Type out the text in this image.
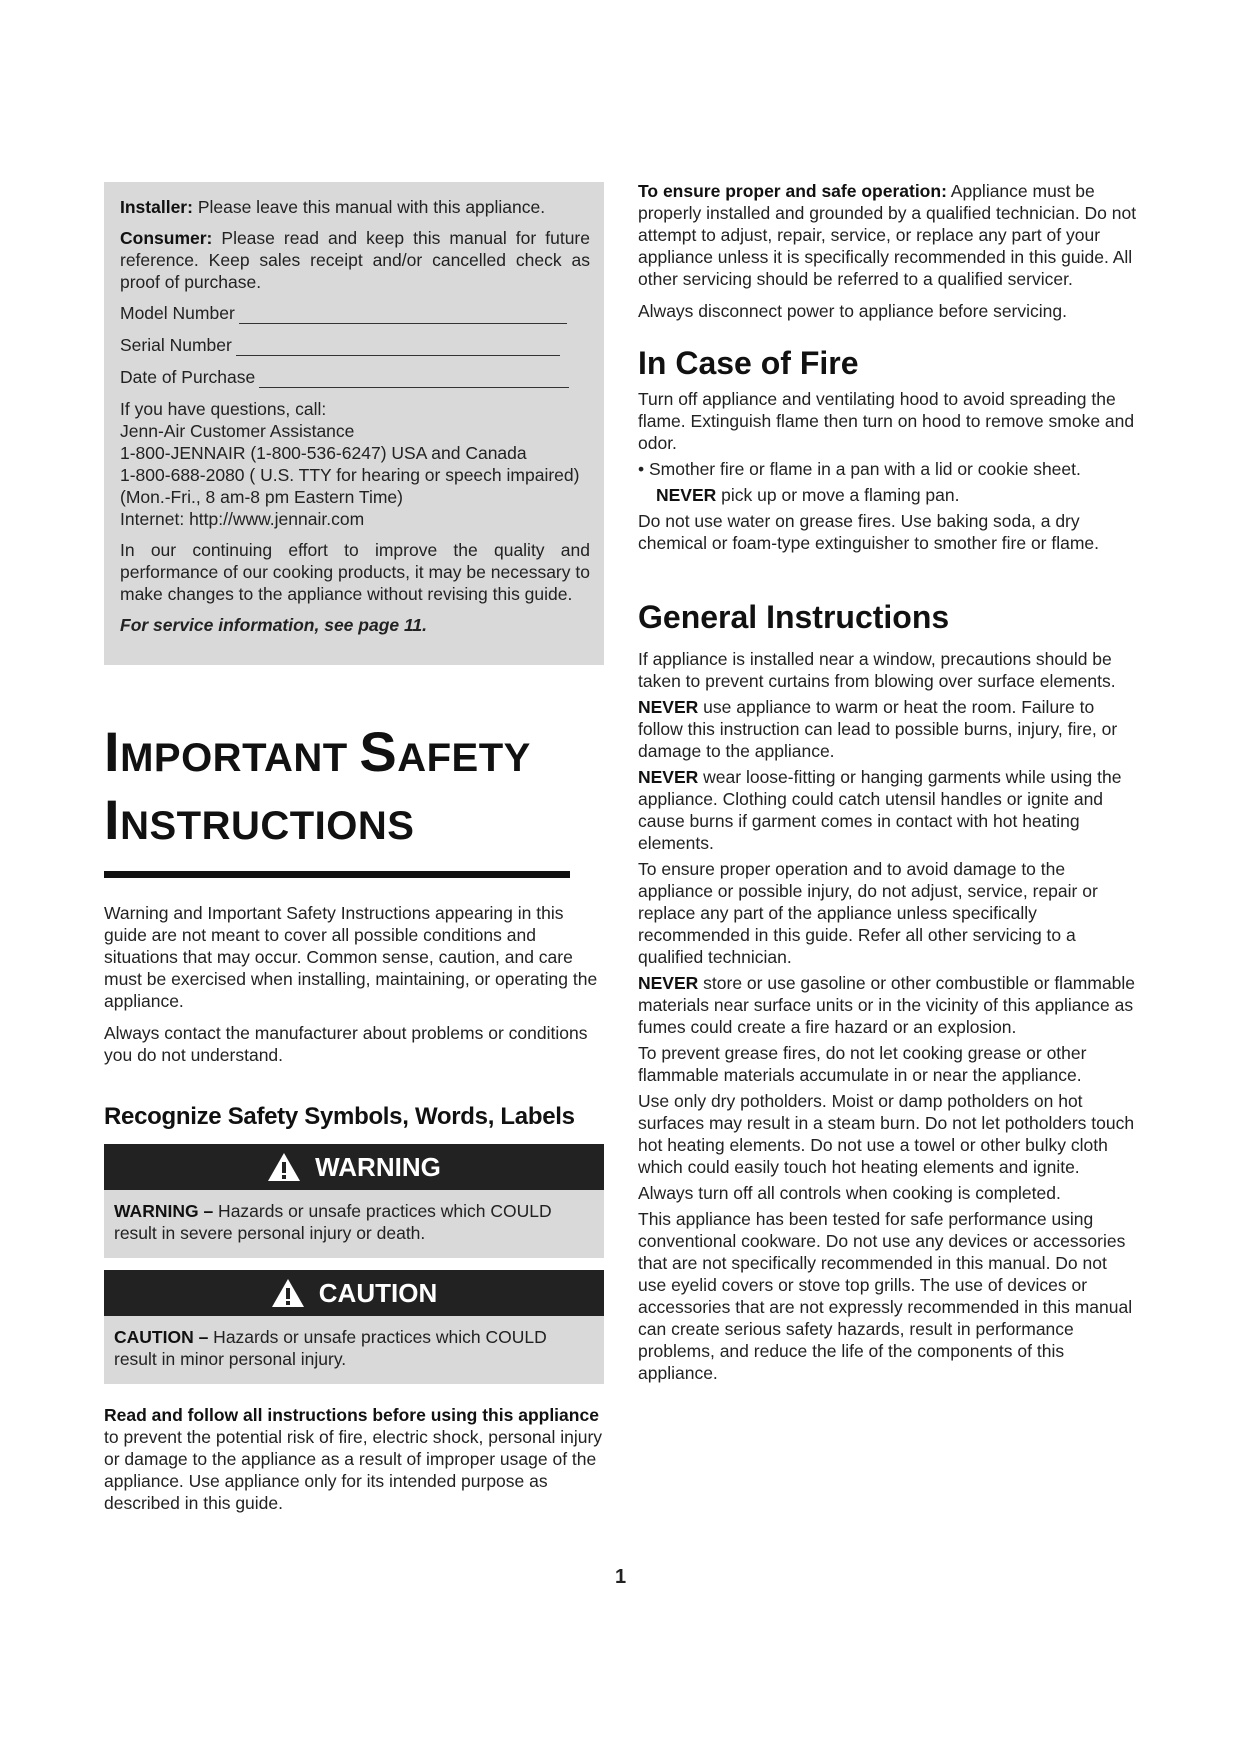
Installer: Please leave this manual with this appliance.

Consumer: Please read and keep this manual for future reference. Keep sales receipt and/or cancelled check as proof of purchase.

Model Number
Serial Number
Date of Purchase
If you have questions, call:
Jenn-Air Customer Assistance
1-800-JENNAIR (1-800-536-6247) USA and Canada
1-800-688-2080 ( U.S. TTY for hearing or speech impaired)
(Mon.-Fri., 8 am-8 pm Eastern Time)
Internet: http://www.jennair.com

In our continuing effort to improve the quality and performance of our cooking products, it may be necessary to make changes to the appliance without revising this guide.

For service information, see page 11.

IMPORTANT SAFETY
INSTRUCTIONS

Warning and Important Safety Instructions appearing in this guide are not meant to cover all possible conditions and situations that may occur. Common sense, caution, and care must be exercised when installing, maintaining, or operating the appliance.

Always contact the manufacturer about problems or conditions you do not understand.

Recognize Safety Symbols, Words, Labels
WARNING

WARNING – Hazards or unsafe practices which COULD result in severe personal injury or death.

CAUTION

CAUTION – Hazards or unsafe practices which COULD result in minor personal injury.

Read and follow all instructions before using this appliance to prevent the potential risk of fire, electric shock, personal injury or damage to the appliance as a result of improper usage of the appliance. Use appliance only for its intended purpose as described in this guide.

To ensure proper and safe operation: Appliance must be properly installed and grounded by a qualified technician. Do not attempt to adjust, repair, service, or replace any part of your appliance unless it is specifically recommended in this guide. All other servicing should be referred to a qualified servicer.

Always disconnect power to appliance before servicing.

In Case of Fire

Turn off appliance and ventilating hood to avoid spreading the flame. Extinguish flame then turn on hood to remove smoke and odor.

• Smother fire or flame in a pan with a lid or cookie sheet.

NEVER pick up or move a flaming pan.

Do not use water on grease fires. Use baking soda, a dry chemical or foam-type extinguisher to smother fire or flame.

General Instructions

If appliance is installed near a window, precautions should be taken to prevent curtains from blowing over surface elements.

NEVER use appliance to warm or heat the room. Failure to follow this instruction can lead to possible burns, injury, fire, or damage to the appliance.

NEVER wear loose-fitting or hanging garments while using the appliance. Clothing could catch utensil handles or ignite and cause burns if garment comes in contact with hot heating elements.

To ensure proper operation and to avoid damage to the appliance or possible injury, do not adjust, service, repair or replace any part of the appliance unless specifically recommended in this guide. Refer all other servicing to a qualified technician.

NEVER store or use gasoline or other combustible or flammable materials near surface units or in the vicinity of this appliance as fumes could create a fire hazard or an explosion.

To prevent grease fires, do not let cooking grease or other flammable materials accumulate in or near the appliance.

Use only dry potholders. Moist or damp potholders on hot surfaces may result in a steam burn. Do not let potholders touch hot heating elements. Do not use a towel or other bulky cloth which could easily touch hot heating elements and ignite.

Always turn off all controls when cooking is completed.

This appliance has been tested for safe performance using conventional cookware. Do not use any devices or accessories that are not specifically recommended in this manual. Do not use eyelid covers or stove top grills. The use of devices or accessories that are not expressly recommended in this manual can create serious safety hazards, result in performance problems, and reduce the life of the components of this appliance.

1
